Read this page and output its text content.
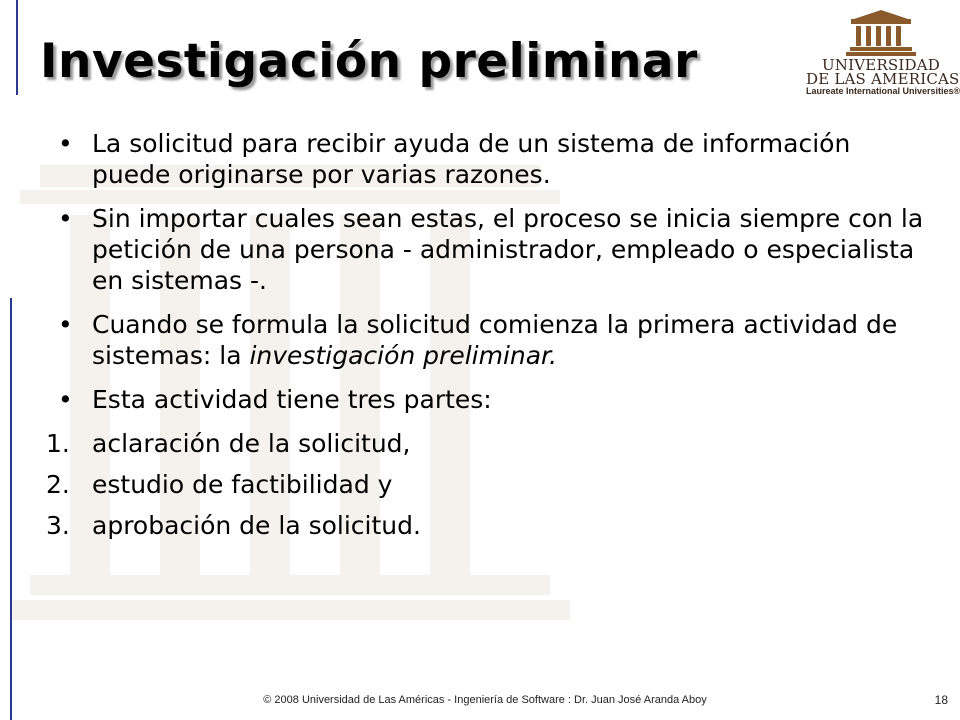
Investigación preliminar	UNIVERSIDAD
DE LAS AMERICAS
Laureate International Universities®
• La solicitud para recibir ayuda de un sistema de información puede originarse por varias razones.
• Sin importar cuales sean estas, el proceso se inicia siempre con la petición de una persona - administrador, empleado o especialista en sistemas -.
• Cuando se formula la solicitud comienza la primera actividad de sistemas: la investigación preliminar.
• Esta actividad tiene tres partes:
1. aclaración de la solicitud,
2. estudio de factibilidad y
3. aprobación de la solicitud.
© 2008 Universidad de Las Américas - Ingeniería de Software : Dr. Juan José Aranda Aboy	18
